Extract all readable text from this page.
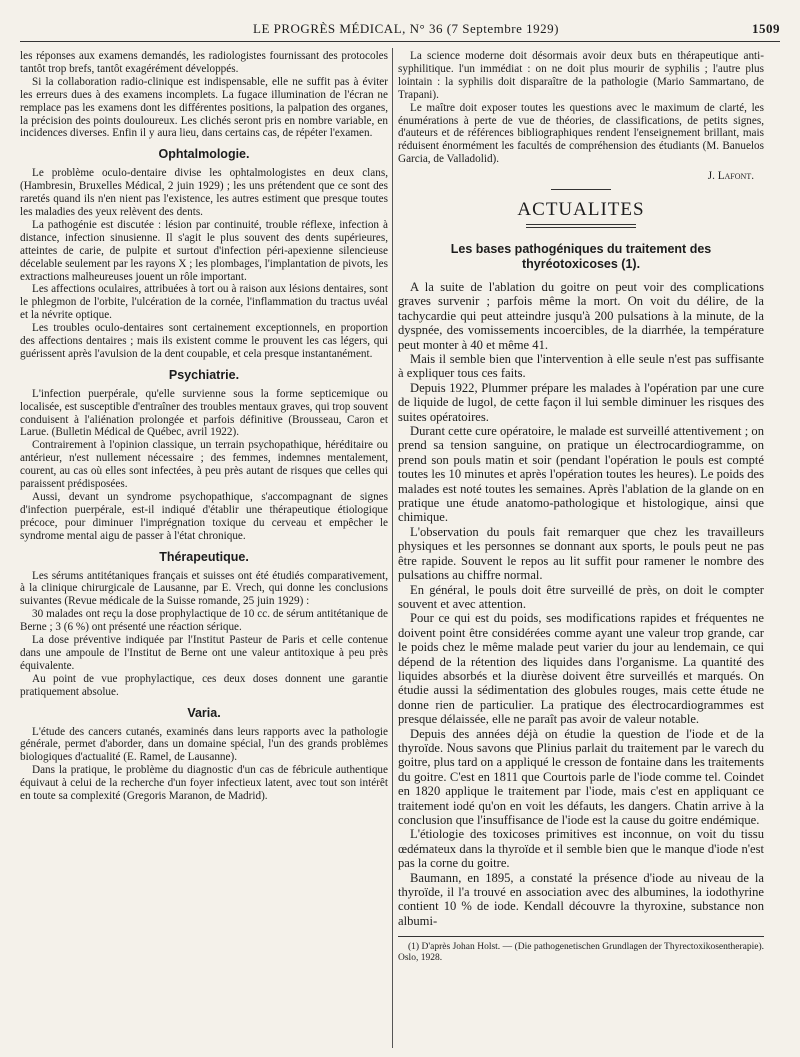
LE PROGRÈS MÉDICAL, N° 36 (7 Septembre 1929)	1509

les réponses aux examens demandés, les radiologistes fournissant des protocoles tantôt trop brefs, tantôt exagérément développés.

Si la collaboration radio-clinique est indispensable, elle ne suffit pas à éviter les erreurs dues à des examens incomplets. La fugace illumination de l'écran ne remplace pas les examens dont les différentes positions, la palpation des organes, la précision des points douloureux. Les clichés seront pris en nombre variable, en incidences diverses. Enfin il y aura lieu, dans certains cas, de répéter l'examen.

Ophtalmologie.

Le problème oculo-dentaire divise les ophtalmologistes en deux clans, (Hambresin, Bruxelles Médical, 2 juin 1929) ; les uns prétendent que ce sont des raretés quand ils n'en nient pas l'existence, les autres estiment que presque toutes les maladies des yeux relèvent des dents.

La pathogénie est discutée : lésion par continuité, trouble réflexe, infection à distance, infection sinusienne. Il s'agit le plus souvent des dents supérieures, atteintes de carie, de pulpite et surtout d'infection péri-apexienne silencieuse décelable seulement par les rayons X ; les plombages, l'implantation de pivots, les extractions malheureuses jouent un rôle important.

Les affections oculaires, attribuées à tort ou à raison aux lésions dentaires, sont le phlegmon de l'orbite, l'ulcération de la cornée, l'inflammation du tractus uvéal et la névrite optique.

Les troubles oculo-dentaires sont certainement exceptionnels, en proportion des affections dentaires ; mais ils existent comme le prouvent les cas légers, qui guérissent après l'avulsion de la dent coupable, et cela presque instantanément.

Psychiatrie.

L'infection puerpérale, qu'elle survienne sous la forme septicemique ou localisée, est susceptible d'entraîner des troubles mentaux graves, qui trop souvent conduisent à l'aliénation prolongée et parfois définitive (Brousseau, Caron et Larue. (Bulletin Médical de Québec, avril 1922).

Contrairement à l'opinion classique, un terrain psychopathique, héréditaire ou antérieur, n'est nullement nécessaire ; des femmes, indemnes mentalement, courent, au cas où elles sont infectées, à peu près autant de risques que celles qui paraissent prédisposées.

Aussi, devant un syndrome psychopathique, s'accompagnant de signes d'infection puerpérale, est-il indiqué d'établir une thérapeutique étiologique précoce, pour diminuer l'imprégnation toxique du cerveau et empêcher le syndrome mental aigu de passer à l'état chronique.

Thérapeutique.

Les sérums antitétaniques français et suisses ont été étudiés comparativement, à la clinique chirurgicale de Lausanne, par E. Vrech, qui donne les conclusions suivantes (Revue médicale de la Suisse romande, 25 juin 1929) :

30 malades ont reçu la dose prophylactique de 10 cc. de sérum antitétanique de Berne ; 3 (6 %) ont présenté une réaction sérique.

La dose préventive indiquée par l'Institut Pasteur de Paris et celle contenue dans une ampoule de l'Institut de Berne ont une valeur antitoxique à peu près équivalente.

Au point de vue prophylactique, ces deux doses donnent une garantie pratiquement absolue.

Varia.

L'étude des cancers cutanés, examinés dans leurs rapports avec la pathologie générale, permet d'aborder, dans un domaine spécial, l'un des grands problèmes biologiques d'actualité (E. Ramel, de Lausanne).

Dans la pratique, le problème du diagnostic d'un cas de fébricule authentique équivaut à celui de la recherche d'un foyer infectieux latent, avec tout son intérêt en toute sa complexité (Gregoris Maranon, de Madrid).

La science moderne doit désormais avoir deux buts en thérapeutique anti-syphilitique. l'un immédiat : on ne doit plus mourir de syphilis ; l'autre plus lointain : la syphilis doit disparaître de la pathologie (Mario Sammartano, de Trapani).

Le maître doit exposer toutes les questions avec le maximum de clarté, les énumérations à perte de vue de théories, de classifications, de petits signes, d'auteurs et de références bibliographiques rendent l'enseignement brillant, mais réduisent énormément les facultés de compréhension des étudiants (M. Banuelos Garcia, de Valladolid).

J. Lafont.
ACTUALITES
Les bases pathogéniques du traitement des thyréotoxicoses (1).

A la suite de l'ablation du goitre on peut voir des complications graves survenir ; parfois même la mort. On voit du délire, de la tachycardie qui peut atteindre jusqu'à 200 pulsations à la minute, de la dyspnée, des vomissements incoercibles, de la diarrhée, la température peut monter à 40 et même 41.

Mais il semble bien que l'intervention à elle seule n'est pas suffisante à expliquer tous ces faits.

Depuis 1922, Plummer prépare les malades à l'opération par une cure de liquide de lugol, de cette façon il lui semble diminuer les risques des suites opératoires.

Durant cette cure opératoire, le malade est surveillé attentivement ; on prend sa tension sanguine, on pratique un électrocardiogramme, on prend son pouls matin et soir (pendant l'opération le pouls est compté toutes les 10 minutes et après l'opération toutes les heures). Le poids des malades est noté toutes les semaines. Après l'ablation de la glande on en pratique une étude anatomo-pathologique et histologique, ainsi que chimique.

L'observation du pouls fait remarquer que chez les travailleurs physiques et les personnes se donnant aux sports, le pouls peut ne pas être rapide. Souvent le repos au lit suffit pour ramener le nombre des pulsations au chiffre normal.

En général, le pouls doit être surveillé de près, on doit le compter souvent et avec attention.

Pour ce qui est du poids, ses modifications rapides et fréquentes ne doivent point être considérées comme ayant une valeur trop grande, car le poids chez le même malade peut varier du jour au lendemain, ce qui dépend de la rétention des liquides dans l'organisme. La quantité des liquides absorbés et la diurèse doivent être surveillés et marqués. On étudie aussi la sédimentation des globules rouges, mais cette étude ne donne rien de particulier. La pratique des électrocardiogrammes est presque délaissée, elle ne paraît pas avoir de valeur notable.

Depuis des années déjà on étudie la question de l'iode et de la thyroïde. Nous savons que Plinius parlait du traitement par le varech du goitre, plus tard on a appliqué le cresson de fontaine dans les traitements du goitre. C'est en 1811 que Courtois parle de l'iode comme tel. Coindet en 1820 applique le traitement par l'iode, mais c'est en appliquant ce traitement iodé qu'on en voit les défauts, les dangers. Chatin arrive à la conclusion que l'insuffisance de l'iode est la cause du goitre endémique.

L'étiologie des toxicoses primitives est inconnue, on voit du tissu œdémateux dans la thyroïde et il semble bien que le manque d'iode n'est pas la corne du goitre.

Baumann, en 1895, a constaté la présence d'iode au niveau de la thyroïde, il l'a trouvé en association avec des albumines, la iodothyrine contient 10 % de iode. Kendall découvre la thyroxine, substance non albumi-

(1) D'après Johan Holst. — (Die pathogenetischen Grundlagen der Thyrectoxikosentherapie). Oslo, 1928.
